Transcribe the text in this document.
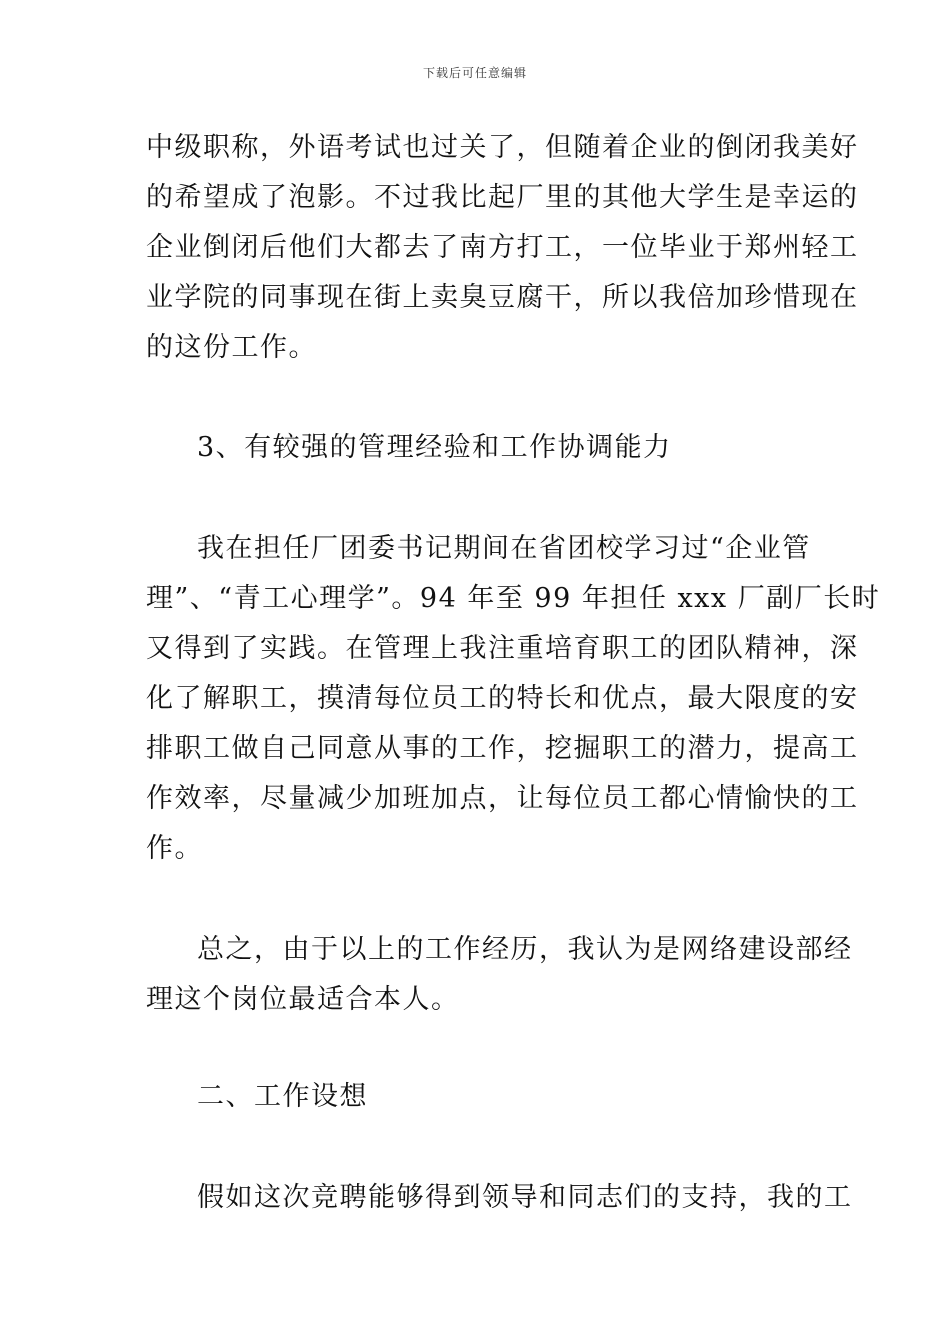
下载后可任意编辑
中级职称，外语考试也过关了，但随着企业的倒闭我美好
的希望成了泡影。不过我比起厂里的其他大学生是幸运的
企业倒闭后他们大都去了南方打工，一位毕业于郑州轻工
业学院的同事现在街上卖臭豆腐干，所以我倍加珍惜现在
的这份工作。
3、有较强的管理经验和工作协调能力
我在担任厂团委书记期间在省团校学习过“企业管
理”、“青工心理学”。94 年至 99 年担任 xxx 厂副厂长时
又得到了实践。在管理上我注重培育职工的团队精神，深
化了解职工，摸清每位员工的特长和优点，最大限度的安
排职工做自己同意从事的工作，挖掘职工的潜力，提高工
作效率，尽量减少加班加点，让每位员工都心情愉快的工
作。
总之，由于以上的工作经历，我认为是网络建设部经
理这个岗位最适合本人。
二、工作设想
假如这次竞聘能够得到领导和同志们的支持，我的工
